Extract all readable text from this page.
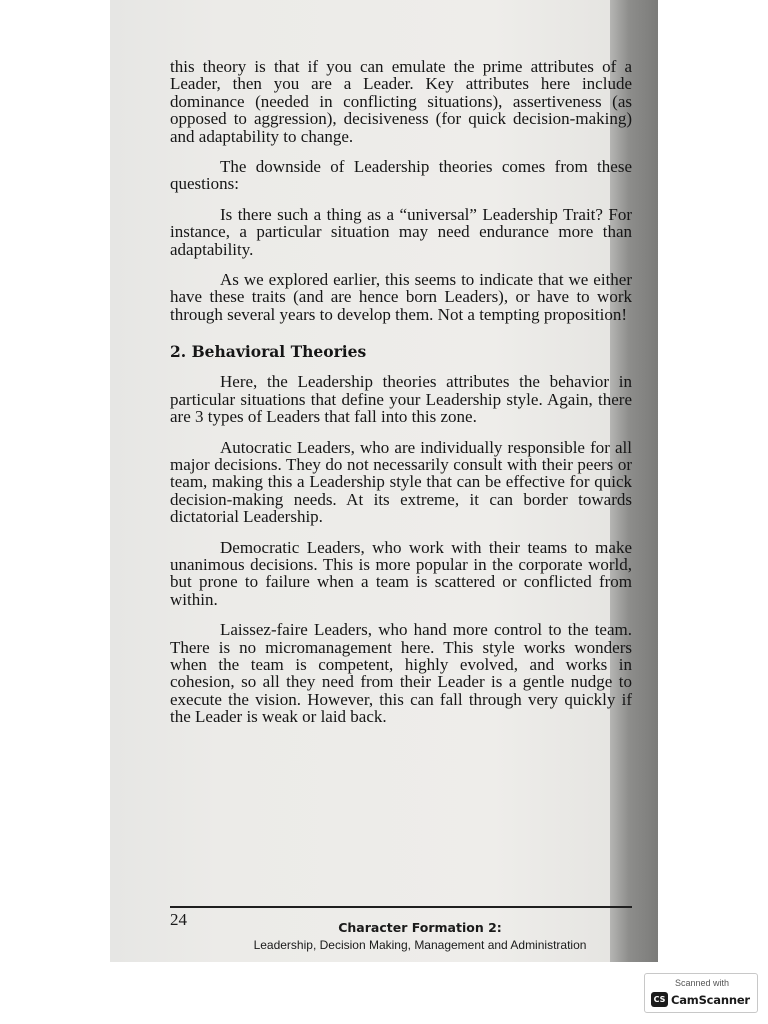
this theory is that if you can emulate the prime attributes of a Leader, then you are a Leader. Key attributes here include dominance (needed in conflicting situations), assertiveness (as opposed to aggression), decisiveness (for quick decision-making) and adaptability to change.

The downside of Leadership theories comes from these questions:

Is there such a thing as a “universal” Leadership Trait? For instance, a particular situation may need endurance more than adaptability.

As we explored earlier, this seems to indicate that we either have these traits (and are hence born Leaders), or have to work through several years to develop them. Not a tempting proposition!

2. Behavioral Theories

Here, the Leadership theories attributes the behavior in particular situations that define your Leadership style. Again, there are 3 types of Leaders that fall into this zone.

Autocratic Leaders, who are individually responsible for all major decisions. They do not necessarily consult with their peers or team, making this a Leadership style that can be effective for quick decision-making needs. At its extreme, it can border towards dictatorial Leadership.

Democratic Leaders, who work with their teams to make unanimous decisions. This is more popular in the corporate world, but prone to failure when a team is scattered or conflicted from within.

Laissez-faire Leaders, who hand more control to the team. There is no micromanagement here. This style works wonders when the team is competent, highly evolved, and works in cohesion, so all they need from their Leader is a gentle nudge to execute the vision. However, this can fall through very quickly if the Leader is weak or laid back.

24	Character Formation 2:
Leadership, Decision Making, Management and Administration
Scanned with
CS CamScanner
